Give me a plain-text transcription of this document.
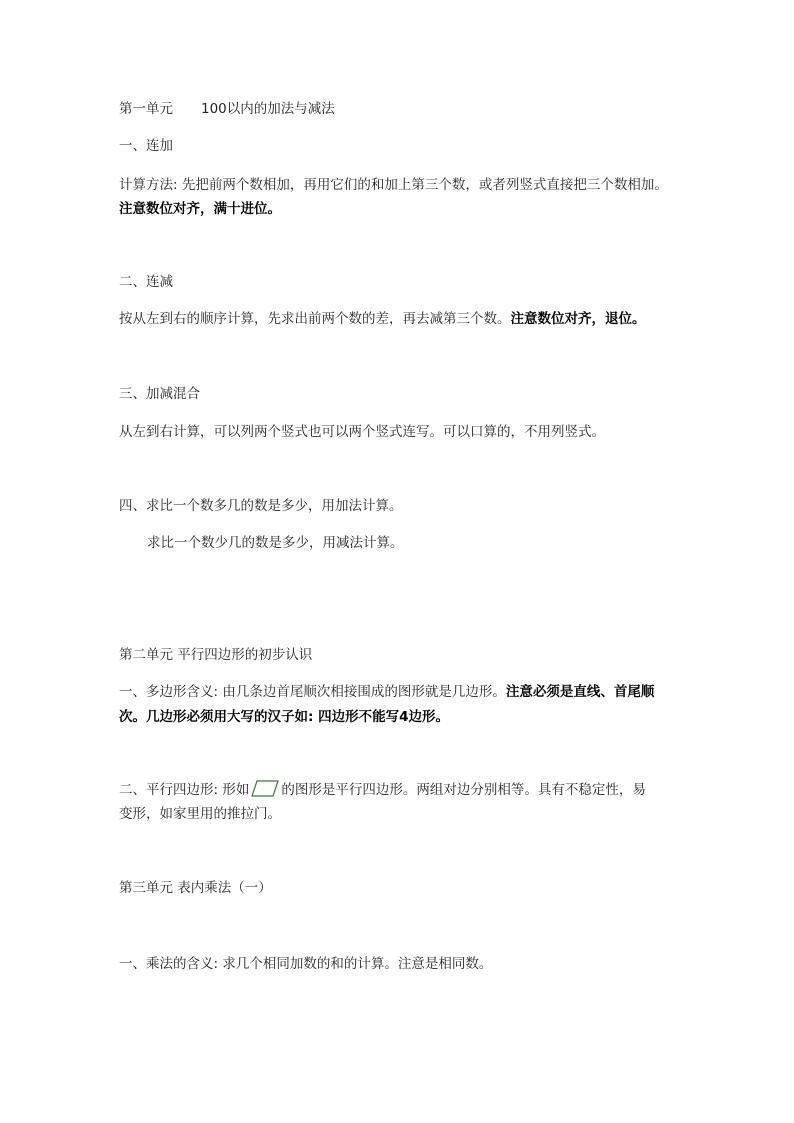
第一单元 100以内的加法与减法
一、连加
计算方法: 先把前两个数相加，再用它们的和加上第三个数，或者列竖式直接把三个数相加。
注意数位对齐，满十进位。
二、连减
按从左到右的顺序计算，先求出前两个数的差，再去减第三个数。注意数位对齐，退位。
三、加减混合
从左到右计算，可以列两个竖式也可以两个竖式连写。可以口算的，不用列竖式。
四、求比一个数多几的数是多少，用加法计算。
求比一个数少几的数是多少，用减法计算。
第二单元 平行四边形的初步认识
一、多边形含义: 由几条边首尾顺次相接围成的图形就是几边形。注意必须是直线、首尾顺
次。几边形必须用大写的汉子如: 四边形不能写4边形。
二、平行四边形: 形如 的图形是平行四边形。两组对边分别相等。具有不稳定性，易
变形，如家里用的推拉门。
第三单元 表内乘法（一）
一、乘法的含义: 求几个相同加数的和的计算。注意是相同数。
